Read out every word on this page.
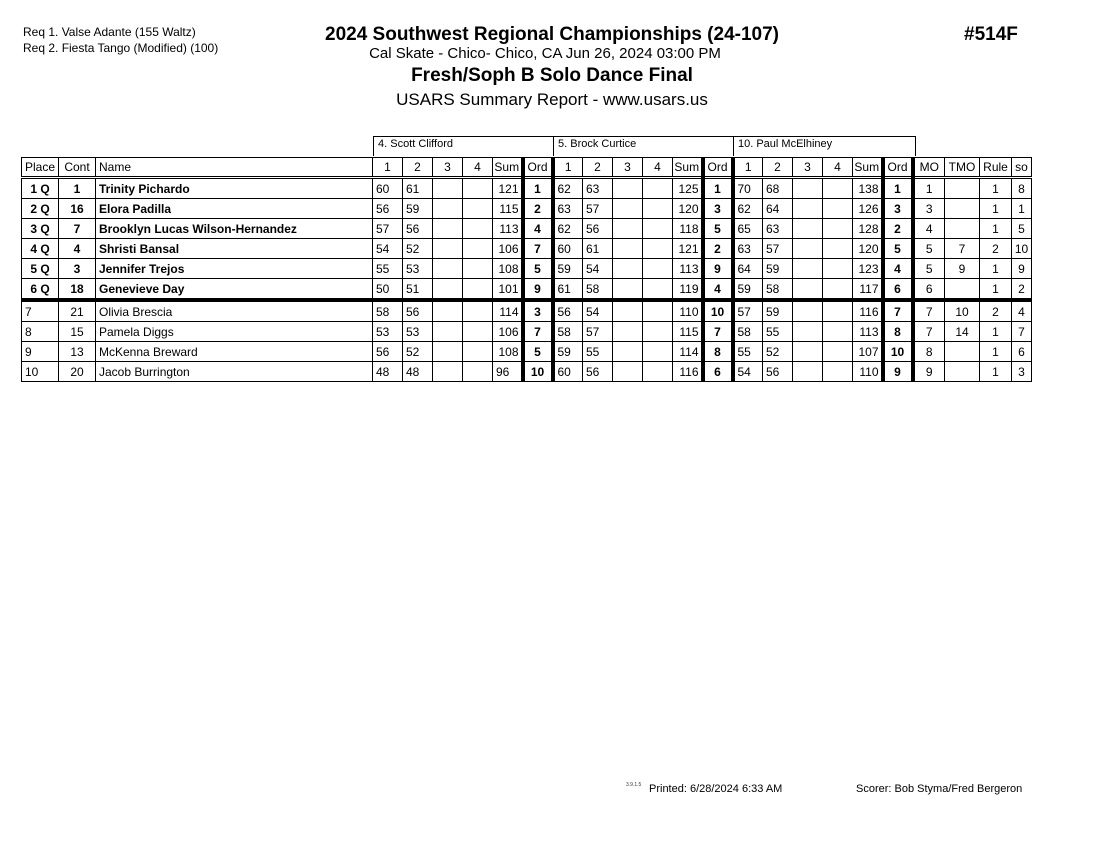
Req 1. Valse Adante (155 Waltz)
Req 2. Fiesta Tango (Modified) (100)
2024 Southwest Regional Championships (24-107)
Cal Skate - Chico- Chico, CA Jun 26, 2024 03:00 PM
Fresh/Soph B Solo Dance Final
USARS Summary Report - www.usars.us
#514F
4. Scott Clifford	5. Brock Curtice	10. Paul McElhiney
Place	Cont	Name	1	2	3	4	Sum	Ord	1	2	3	4	Sum	Ord	1	2	3	4	Sum	Ord	MO	TMO	Rule	so
1 Q	1	Trinity Pichardo	60	61			121	1	62	63			125	1	70	68			138	1	1		1	8
2 Q	16	Elora Padilla	56	59			115	2	63	57			120	3	62	64			126	3	3		1	1
3 Q	7	Brooklyn Lucas Wilson-Hernandez	57	56			113	4	62	56			118	5	65	63			128	2	4		1	5
4 Q	4	Shristi Bansal	54	52			106	7	60	61			121	2	63	57			120	5	5	7	2	10
5 Q	3	Jennifer Trejos	55	53			108	5	59	54			113	9	64	59			123	4	5	9	1	9
6 Q	18	Genevieve Day	50	51			101	9	61	58			119	4	59	58			117	6	6		1	2
7	21	Olivia Brescia	58	56			114	3	56	54			110	10	57	59			116	7	7	10	2	4
8	15	Pamela Diggs	53	53			106	7	58	57			115	7	58	55			113	8	7	14	1	7
9	13	McKenna Breward	56	52			108	5	59	55			114	8	55	52			107	10	8		1	6
10	20	Jacob Burrington	48	48			96	10	60	56			116	6	54	56			110	9	9		1	3
3.9.1.5 Printed: 6/28/2024 6:33 AM	Scorer: Bob Styma/Fred Bergeron
